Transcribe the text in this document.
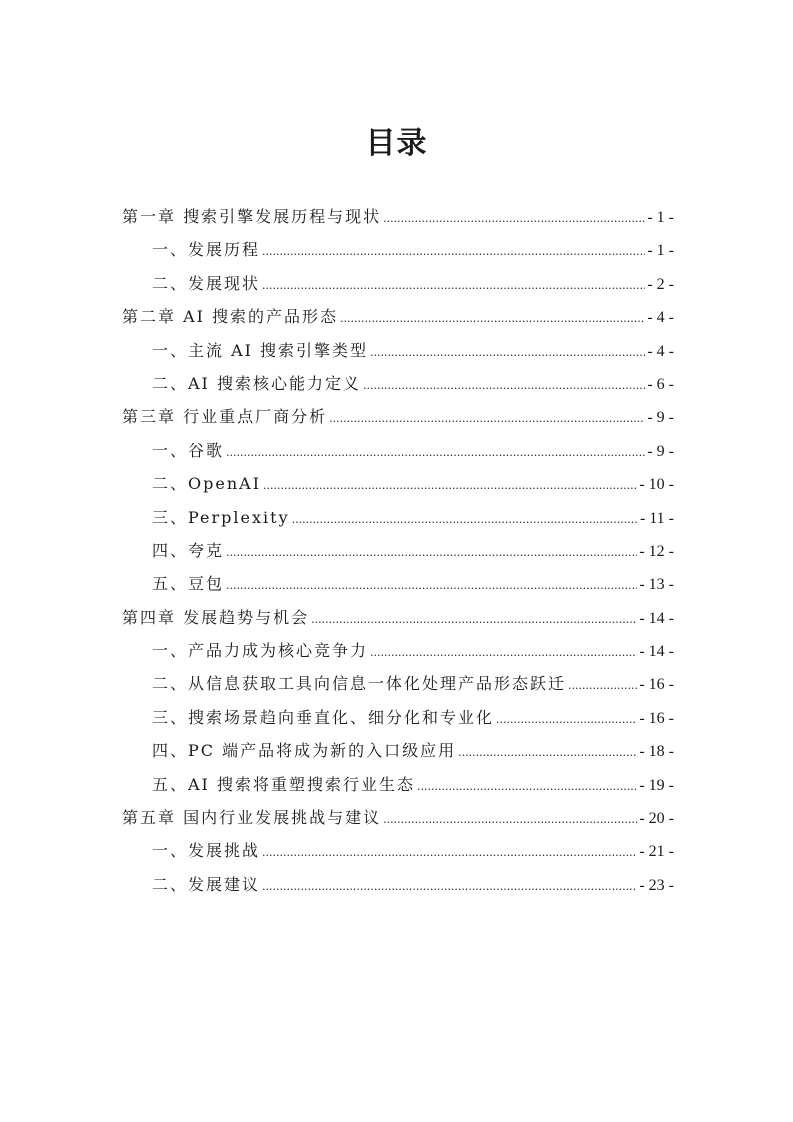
目录
第一章 搜索引擎发展历程与现状 .....	- 1 -
一、发展历程 .....	- 1 -
二、发展现状 .....	- 2 -
第二章 AI 搜索的产品形态 .....	- 4 -
一、主流 AI 搜索引擎类型 .....	- 4 -
二、AI 搜索核心能力定义 .....	- 6 -
第三章 行业重点厂商分析 .....	- 9 -
一、谷歌 .....	- 9 -
二、OpenAI .....	- 10 -
三、Perplexity .....	- 11 -
四、夸克 .....	- 12 -
五、豆包 .....	- 13 -
第四章 发展趋势与机会 .....	- 14 -
一、产品力成为核心竞争力 .....	- 14 -
二、从信息获取工具向信息一体化处理产品形态跃迁 .....	- 16 -
三、搜索场景趋向垂直化、细分化和专业化 .....	- 16 -
四、PC 端产品将成为新的入口级应用 .....	- 18 -
五、AI 搜索将重塑搜索行业生态 .....	- 19 -
第五章 国内行业发展挑战与建议 .....	- 20 -
一、发展挑战 .....	- 21 -
二、发展建议 .....	- 23 -
